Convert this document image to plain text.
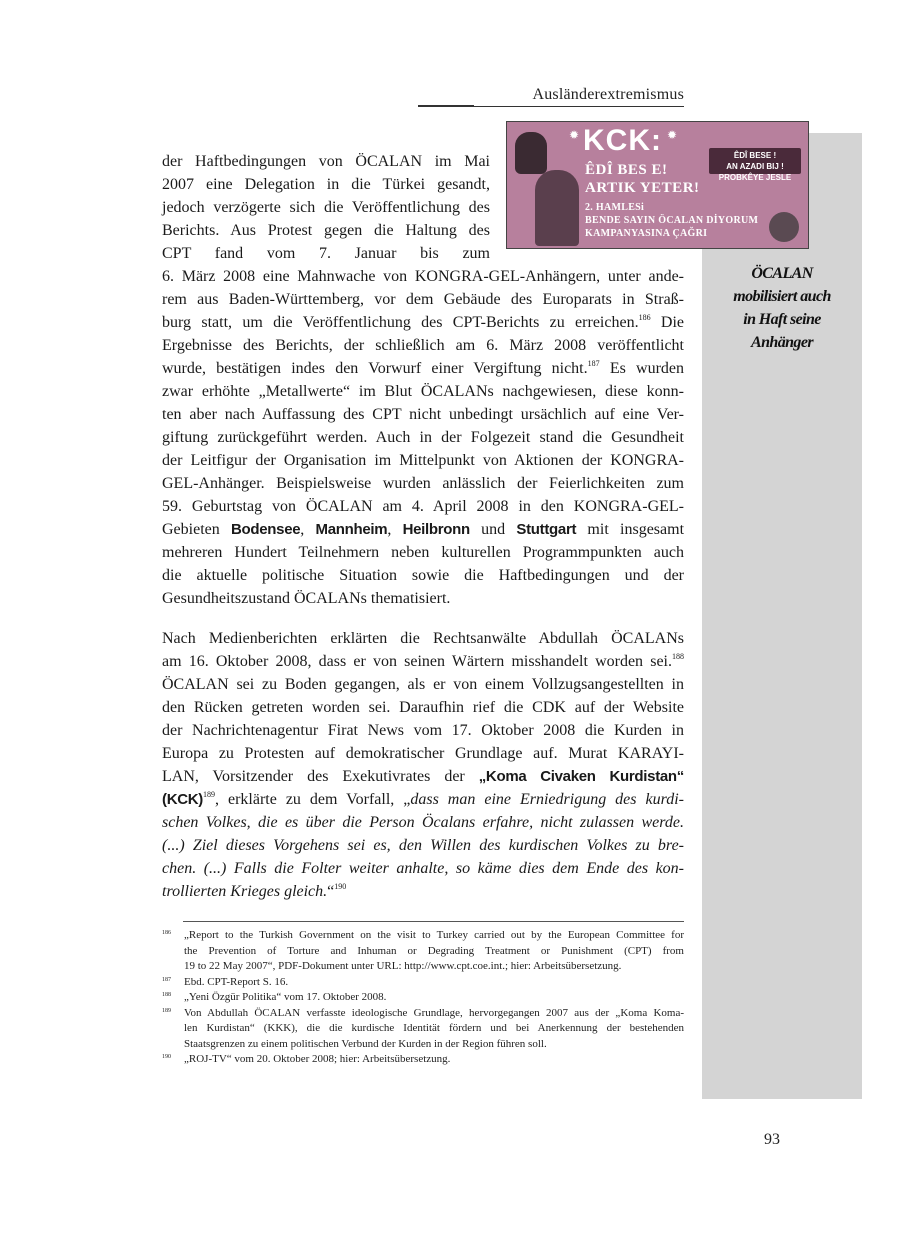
ÖCALAN
mobilisiert auch
in Haft seine
Anhänger
Ausländerextremismus
✹	✹
KCK:
ÊDÎ BES E!
ARTIK YETER!
ÊDÎ BESE !
AN AZADI BIJ ! PROBKÊYE JESLE
2. HAMLESi
BENDE SAYIN ÖCALAN DİYORUM
KAMPANYASINA ÇAĞRI
der Haftbedingungen von ÖCALAN im Mai
2007 eine Delegation in die Türkei gesandt,
jedoch verzögerte sich die Veröffentlichung des
Berichts. Aus Protest gegen die Haltung des
CPT fand vom 7. Januar bis zum
6. März 2008 eine Mahnwache von KONGRA-GEL-Anhängern, unter ande-
rem aus Baden-Württemberg, vor dem Gebäude des Europarats in Straß-
burg statt, um die Veröffentlichung des CPT-Berichts zu erreichen.$^{186}$ Die
Ergebnisse des Berichts, der schließlich am 6. März 2008 veröffentlicht
wurde, bestätigen indes den Vorwurf einer Vergiftung nicht.$^{187}$ Es wurden
zwar erhöhte „Metallwerte“ im Blut ÖCALANs nachgewiesen, diese konn-
ten aber nach Auffassung des CPT nicht unbedingt ursächlich auf eine Ver-
giftung zurückgeführt werden. Auch in der Folgezeit stand die Gesundheit
der Leitfigur der Organisation im Mittelpunkt von Aktionen der KONGRA-
GEL-Anhänger. Beispielsweise wurden anlässlich der Feierlichkeiten zum
59. Geburtstag von ÖCALAN am 4. April 2008 in den KONGRA-GEL-
Gebieten Bodensee, Mannheim, Heilbronn und Stuttgart mit insgesamt
mehreren Hundert Teilnehmern neben kulturellen Programmpunkten auch
die aktuelle politische Situation sowie die Haftbedingungen und der
Gesundheitszustand ÖCALANs thematisiert.
Nach Medienberichten erklärten die Rechtsanwälte Abdullah ÖCALANs
am 16. Oktober 2008, dass er von seinen Wärtern misshandelt worden sei.$^{188}$
ÖCALAN sei zu Boden gegangen, als er von einem Vollzugsangestellten in
den Rücken getreten worden sei. Daraufhin rief die CDK auf der Website
der Nachrichtenagentur Firat News vom 17. Oktober 2008 die Kurden in
Europa zu Protesten auf demokratischer Grundlage auf. Murat KARAYI-
LAN, Vorsitzender des Exekutivrates der „Koma Civaken Kurdistan“
(KCK)$^{189}$, erklärte zu dem Vorfall, „dass man eine Erniedrigung des kurdi-
schen Volkes, die es über die Person Öcalans erfahre, nicht zulassen werde.
(...) Ziel dieses Vorgehens sei es, den Willen des kurdischen Volkes zu bre-
chen. (...) Falls die Folter weiter anhalte, so käme dies dem Ende des kon-
trollierten Krieges gleich.“$^{190}$
186 „Report to the Turkish Government on the visit to Turkey carried out by the European Committee for
the Prevention of Torture and Inhuman or Degrading Treatment or Punishment (CPT) from
19 to 22 May 2007“, PDF-Dokument unter URL: http://www.cpt.coe.int.; hier: Arbeitsübersetzung.
187 Ebd. CPT-Report S. 16.
188 „Yeni Özgür Politika“ vom 17. Oktober 2008.
189 Von Abdullah ÖCALAN verfasste ideologische Grundlage, hervorgegangen 2007 aus der „Koma Koma-
len Kurdistan“ (KKK), die die kurdische Identität fördern und bei Anerkennung der bestehenden
Staatsgrenzen zu einem politischen Verbund der Kurden in der Region führen soll.
190 „ROJ-TV“ vom 20. Oktober 2008; hier: Arbeitsübersetzung.
93
